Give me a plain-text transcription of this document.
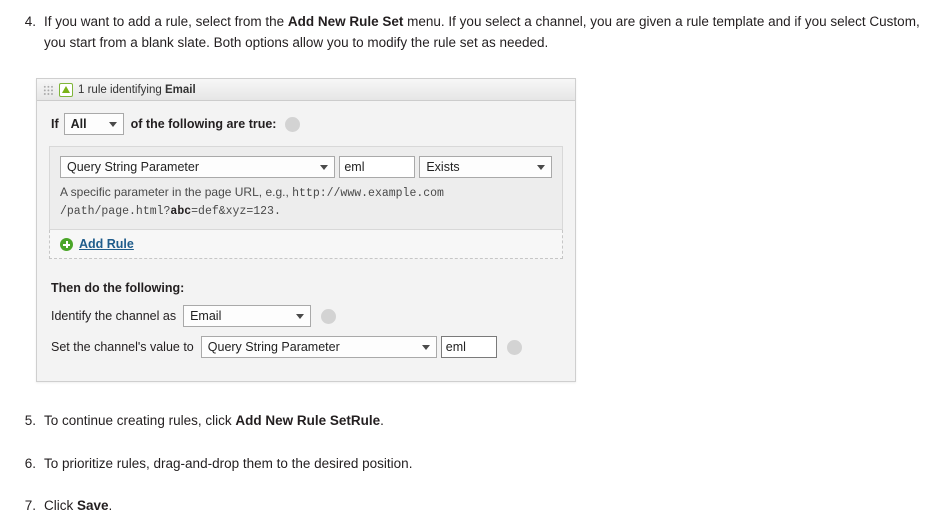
4. If you want to add a rule, select from the Add New Rule Set menu. If you select a channel, you are given a rule template and if you select Custom, you start from a blank slate. Both options allow you to modify the rule set as needed.
1 rule identifying Email
If All	of the following are true:
Query String Parameter
eml	Exists
A specific parameter in the page URL, e.g., http://www.example.com
/path/page.html?abc=def&xyz=123.
Add Rule
Then do the following:
Identify the channel as Email
Set the channel's value to Query String Parameter
eml
5. To continue creating rules, click Add New Rule SetRule.
6. To prioritize rules, drag-and-drop them to the desired position.
7. Click Save.
